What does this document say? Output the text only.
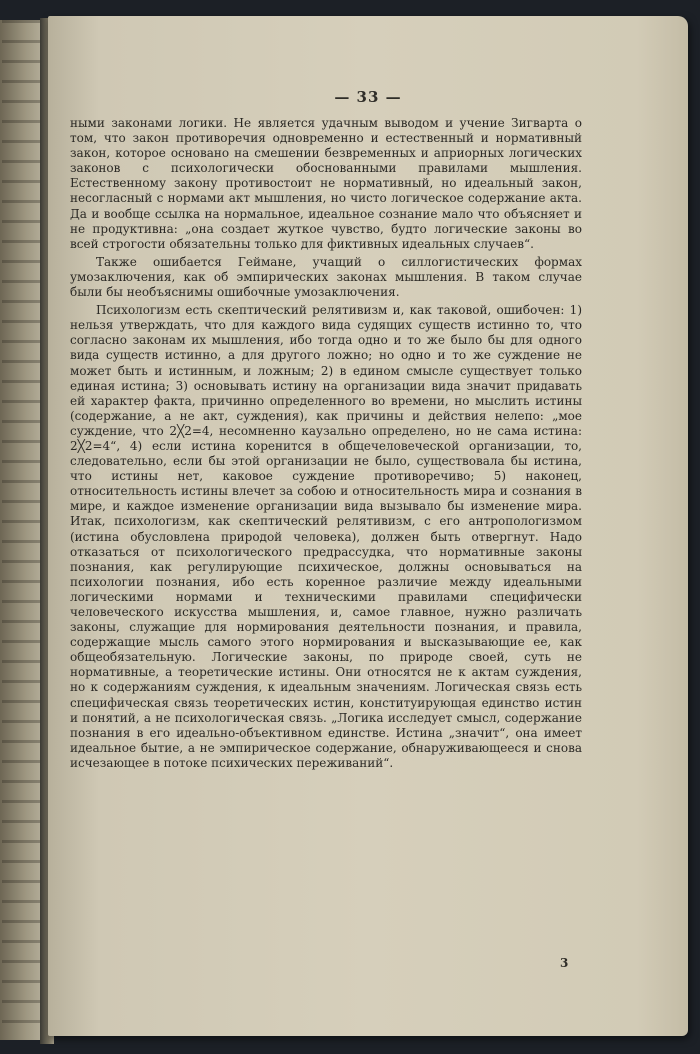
— 33 —

ными законами логики. Не является удачным выводом и учение Зигварта о том, что закон противоречия одновременно и естественный и нормативный закон, которое основано на смешении безвременных и априорных логических законов с психологически обоснованными правилами мышления. Естественному закону противостоит не нормативный, но идеальный закон, несогласный с нормами акт мышления, но чисто логическое содержание акта. Да и вообще ссылка на нормальное, идеальное сознание мало что объясняет и не продуктивна: „она создает жуткое чувство, будто логические законы во всей строгости обязательны только для фиктивных идеальных случаев“.

Также ошибается Геймане, учащий о силлогистических формах умозаключения, как об эмпирических законах мышления. В таком случае были бы необъяснимы ошибочные умозаключения.

Психологизм есть скептический релятивизм и, как таковой, ошибочен: 1) нельзя утверждать, что для каждого вида судящих существ истинно то, что согласно законам их мышления, ибо тогда одно и то же было бы для одного вида существ истинно, а для другого ложно; но одно и то же суждение не может быть и истинным, и ложным; 2) в едином смысле существует только единая истина; 3) основывать истину на организации вида значит придавать ей характер факта, причинно определенного во времени, но мыслить истины (содержание, а не акт, суждения), как причины и действия нелепо: „мое суждение, что 2╳2=4, несомненно каузально определено, но не сама истина: 2╳2=4“, 4) если истина коренится в общечеловеческой организации, то, следовательно, если бы этой организации не было, существовала бы истина, что истины нет, каковое суждение противоречиво; 5) наконец, относительность истины влечет за собою и относительность мира и сознания в мире, и каждое изменение организации вида вызывало бы изменение мира. Итак, психологизм, как скептический релятивизм, с его антропологизмом (истина обусловлена природой человека), должен быть отвергнут. Надо отказаться от психологического предрассудка, что нормативные законы познания, как регулирующие психическое, должны основываться на психологии познания, ибо есть коренное различие между идеальными логическими нормами и техническими правилами специфически человеческого искусства мышления, и, самое главное, нужно различать законы, служащие для нормирования деятельности познания, и правила, содержащие мысль самого этого нормирования и высказывающие ее, как общеобязательную. Логические законы, по природе своей, суть не нормативные, а теоретические истины. Они относятся не к актам суждения, но к содержаниям суждения, к идеальным значениям. Логическая связь есть специфическая связь теоретических истин, конституирующая единство истин и понятий, а не психологическая связь. „Логика исследует смысл, содержание познания в его идеально-объективном единстве. Истина „значит“, она имеет идеальное бытие, а не эмпирическое содержание, обнаруживающееся и снова исчезающее в потоке психических переживаний“.

3
